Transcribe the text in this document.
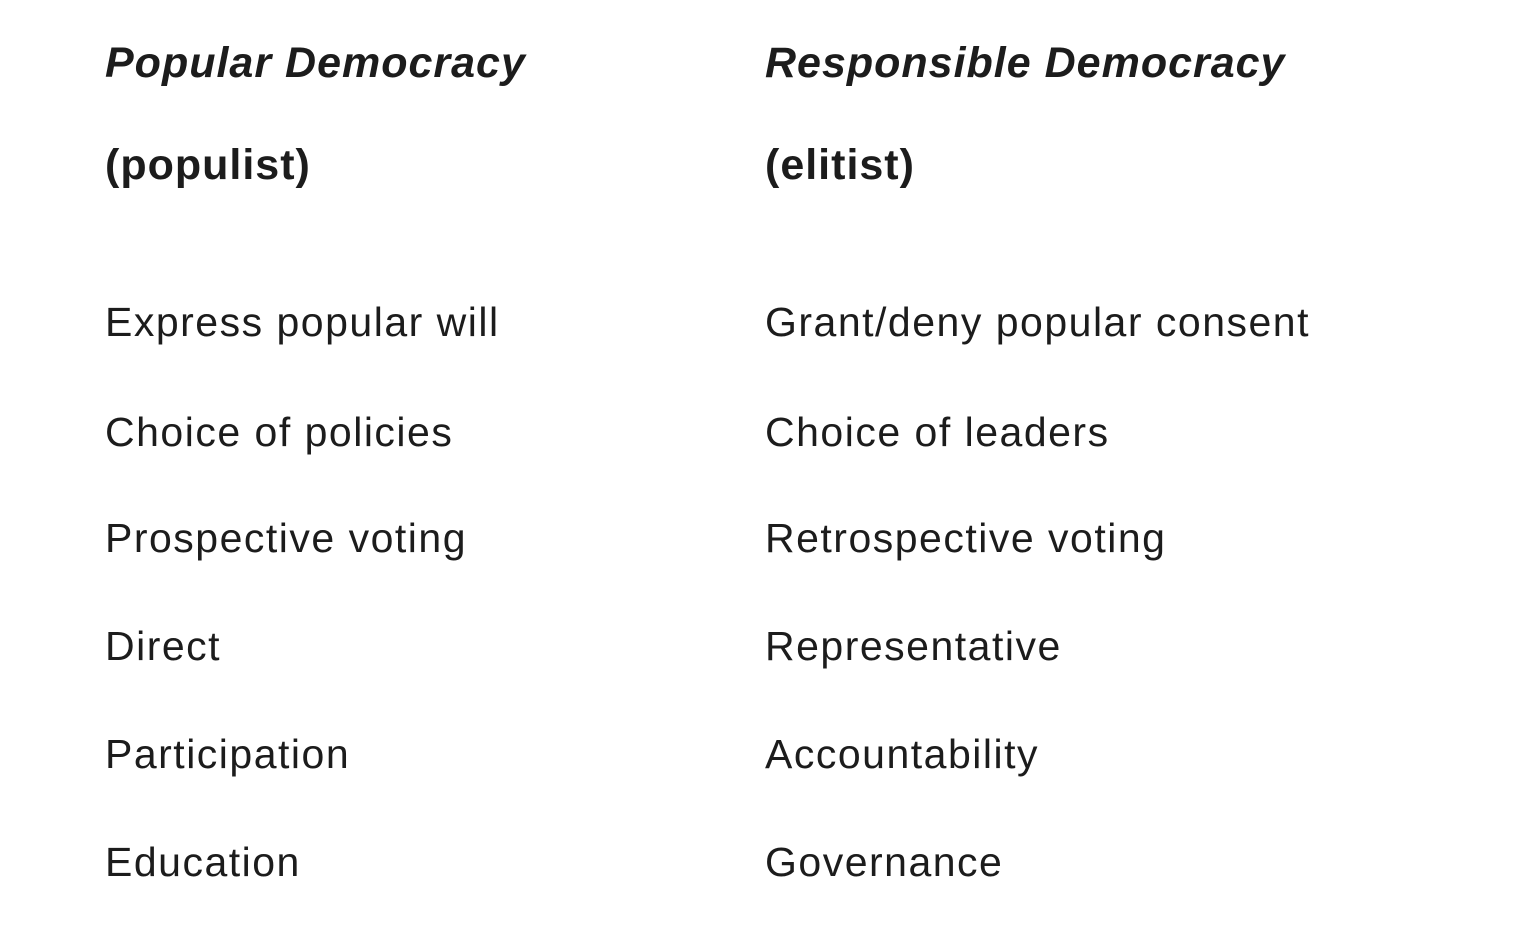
Popular Democracy
(populist)
Express popular will
Choice of policies
Prospective voting
Direct
Participation
Education
Responsible Democracy
(elitist)
Grant/deny popular consent
Choice of leaders
Retrospective voting
Representative
Accountability
Governance
